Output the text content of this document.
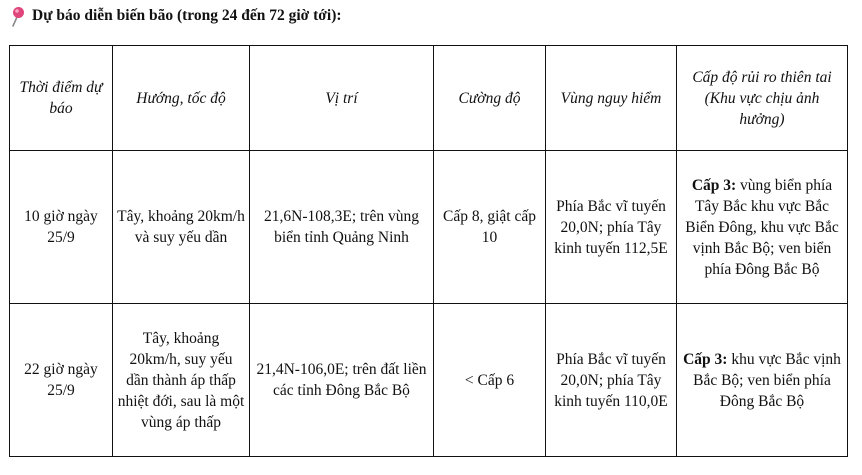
Dự báo diễn biến bão (trong 24 đến 72 giờ tới):
Thời điểm dự báo	Hướng, tốc độ	Vị trí	Cường độ	Vùng nguy hiểm	Cấp độ rủi ro thiên tai (Khu vực chịu ảnh hưởng)
10 giờ ngày 25/9	Tây, khoảng 20km/h và suy yếu dần	21,6N-108,3E; trên vùng biển tỉnh Quảng Ninh	Cấp 8, giật cấp 10	Phía Bắc vĩ tuyến 20,0N; phía Tây kinh tuyến 112,5E	Cấp 3: vùng biển phía Tây Bắc khu vực Bắc Biển Đông, khu vực Bắc vịnh Bắc Bộ; ven biển phía Đông Bắc Bộ
22 giờ ngày 25/9	Tây, khoảng 20km/h, suy yếu dần thành áp thấp nhiệt đới, sau là một vùng áp thấp	21,4N-106,0E; trên đất liền các tỉnh Đông Bắc Bộ	< Cấp 6	Phía Bắc vĩ tuyến 20,0N; phía Tây kinh tuyến 110,0E	Cấp 3: khu vực Bắc vịnh Bắc Bộ; ven biển phía Đông Bắc Bộ
